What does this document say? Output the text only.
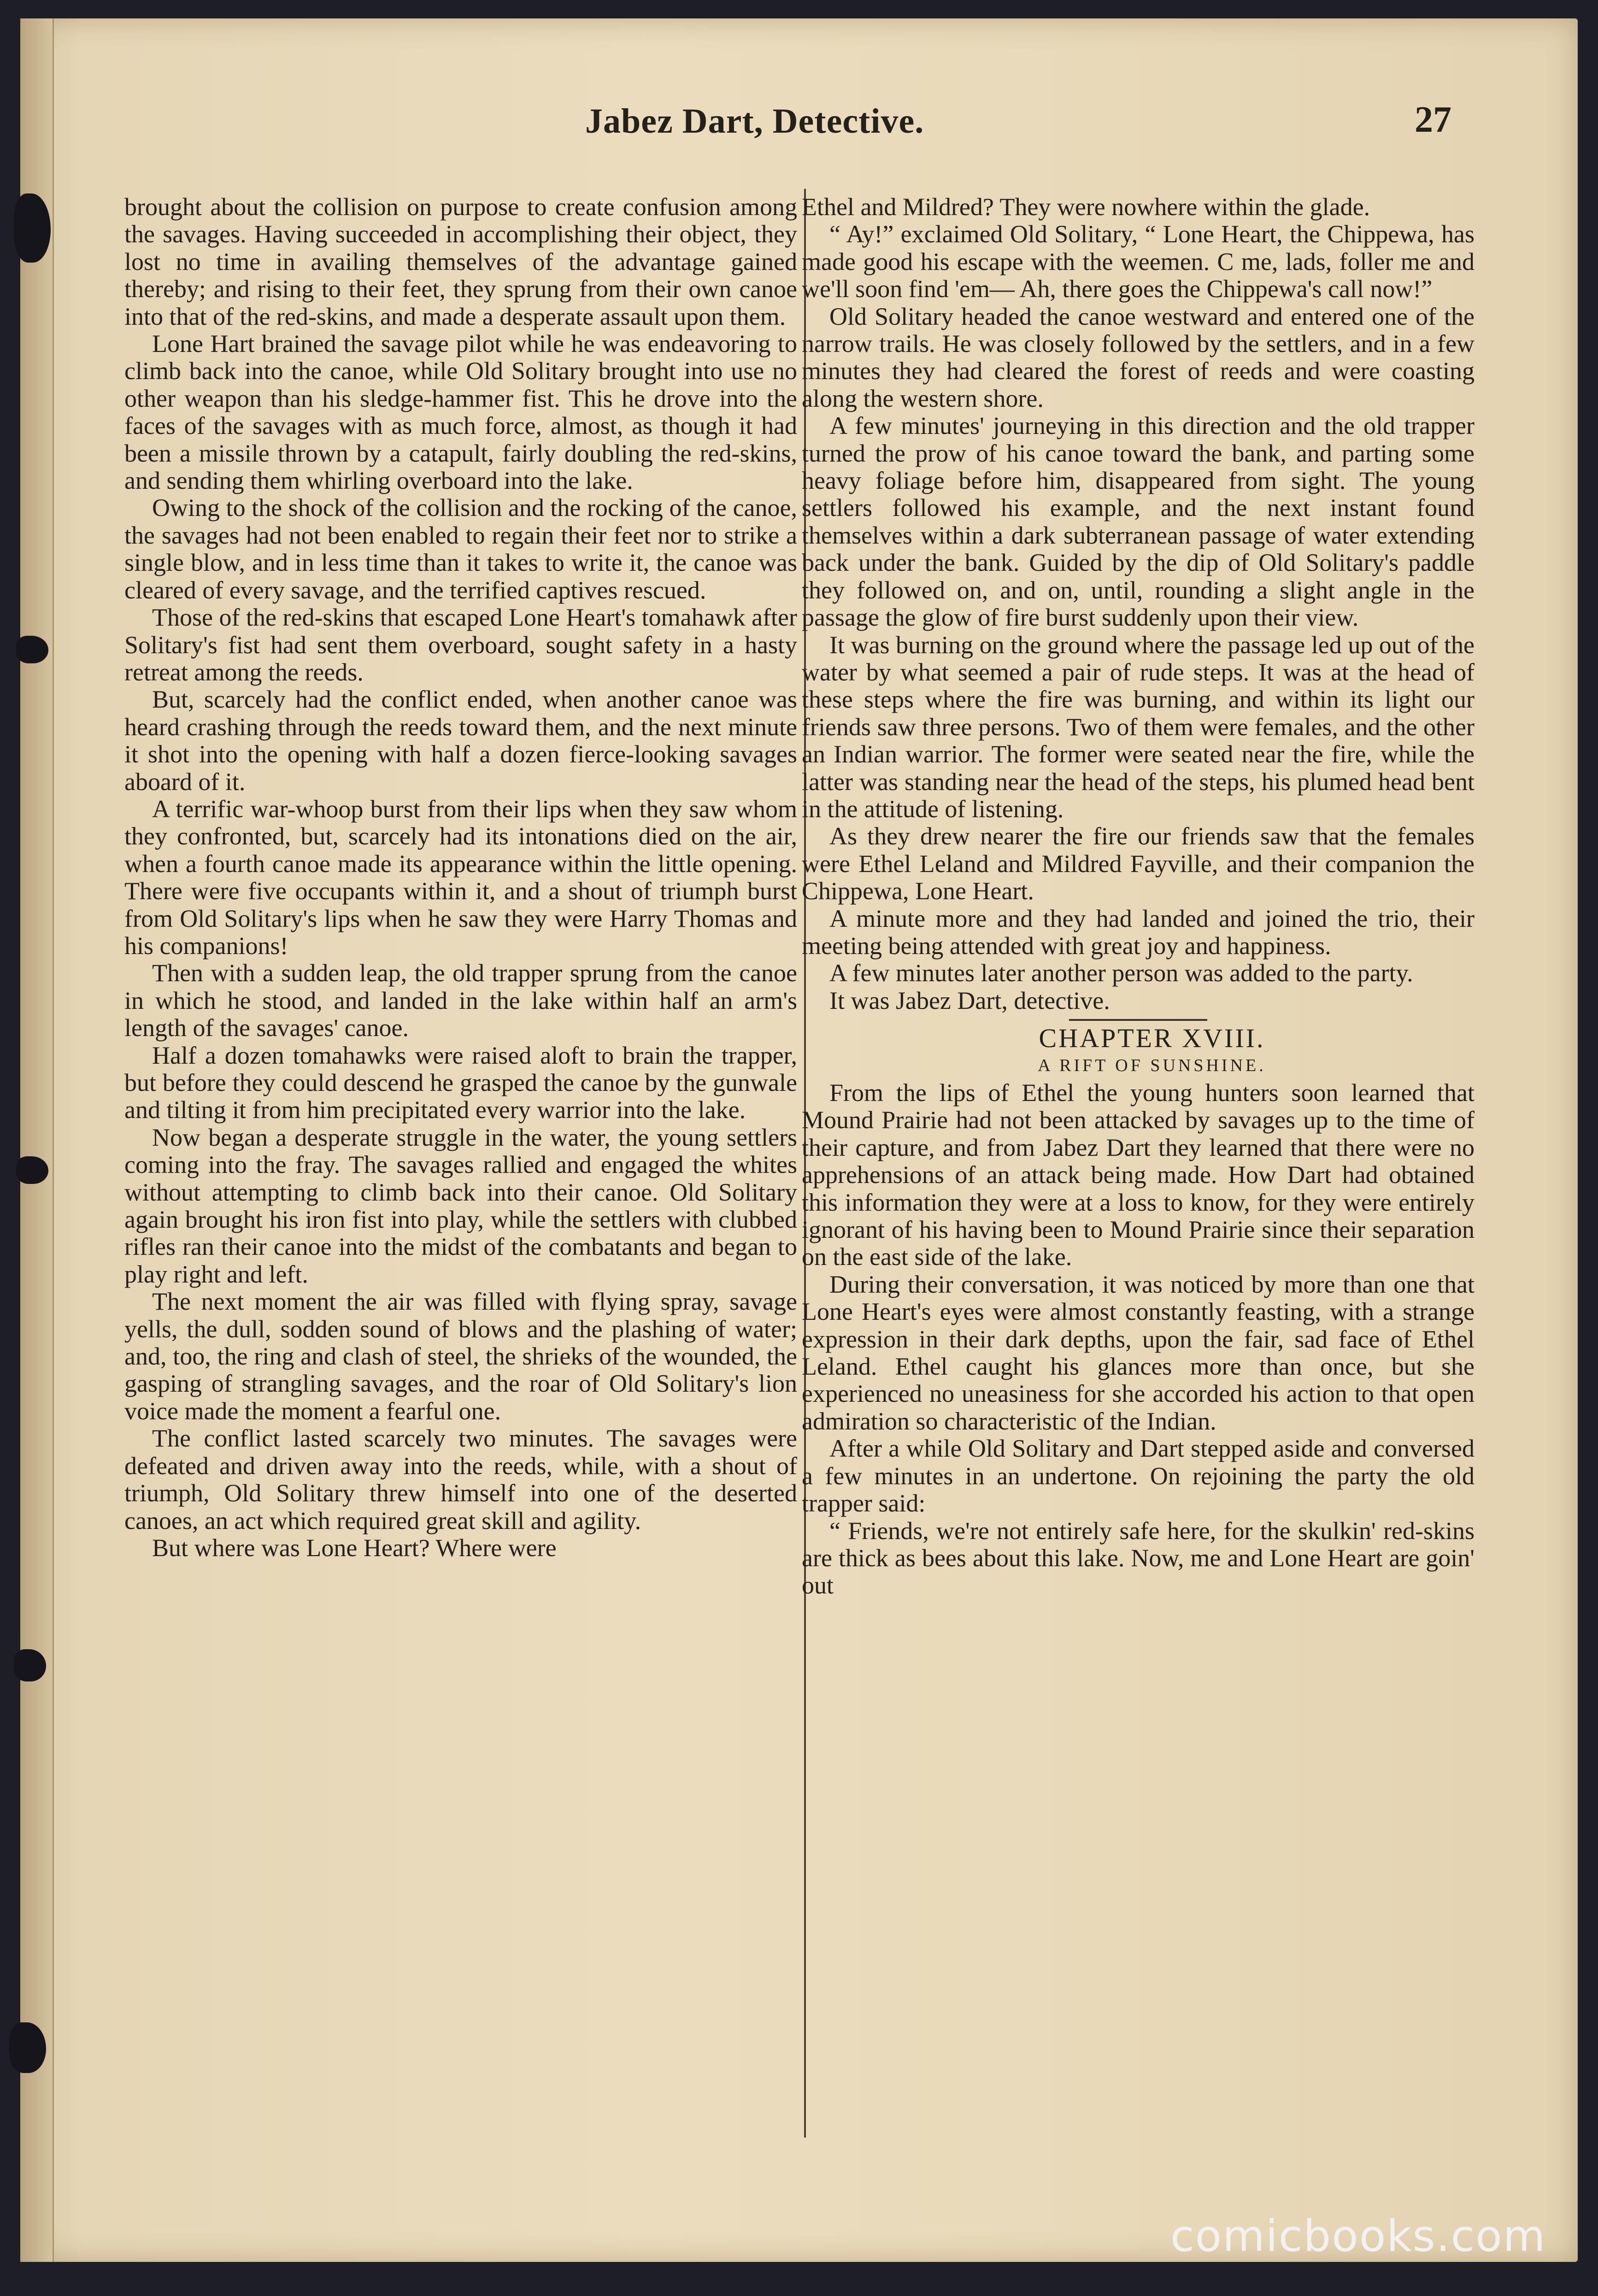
Jabez Dart, Detective.	27

brought about the collision on purpose to create confusion among the savages. Having succeeded in accomplishing their object, they lost no time in availing themselves of the advantage gained thereby; and rising to their feet, they sprung from their own canoe into that of the red-skins, and made a desperate assault upon them.

Lone Hart brained the savage pilot while he was endeavoring to climb back into the canoe, while Old Solitary brought into use no other weapon than his sledge-hammer fist. This he drove into the faces of the savages with as much force, almost, as though it had been a missile thrown by a catapult, fairly doubling the red-skins, and sending them whirling overboard into the lake.

Owing to the shock of the collision and the rocking of the canoe, the savages had not been enabled to regain their feet nor to strike a single blow, and in less time than it takes to write it, the canoe was cleared of every savage, and the terrified captives rescued.

Those of the red-skins that escaped Lone Heart's tomahawk after Solitary's fist had sent them overboard, sought safety in a hasty retreat among the reeds.

But, scarcely had the conflict ended, when another canoe was heard crashing through the reeds toward them, and the next minute it shot into the opening with half a dozen fierce-looking savages aboard of it.

A terrific war-whoop burst from their lips when they saw whom they confronted, but, scarcely had its intonations died on the air, when a fourth canoe made its appearance within the little opening. There were five occupants within it, and a shout of triumph burst from Old Solitary's lips when he saw they were Harry Thomas and his companions!

Then with a sudden leap, the old trapper sprung from the canoe in which he stood, and landed in the lake within half an arm's length of the savages' canoe.

Half a dozen tomahawks were raised aloft to brain the trapper, but before they could descend he grasped the canoe by the gunwale and tilting it from him precipitated every warrior into the lake.

Now began a desperate struggle in the water, the young settlers coming into the fray. The savages rallied and engaged the whites without attempting to climb back into their canoe. Old Solitary again brought his iron fist into play, while the settlers with clubbed rifles ran their canoe into the midst of the combatants and began to play right and left.

The next moment the air was filled with flying spray, savage yells, the dull, sodden sound of blows and the plashing of water; and, too, the ring and clash of steel, the shrieks of the wounded, the gasping of strangling savages, and the roar of Old Solitary's lion voice made the moment a fearful one.

The conflict lasted scarcely two minutes. The savages were defeated and driven away into the reeds, while, with a shout of triumph, Old Solitary threw himself into one of the deserted canoes, an act which required great skill and agility.

But where was Lone Heart? Where were

Ethel and Mildred? They were nowhere within the glade.

“ Ay!” exclaimed Old Solitary, “ Lone Heart, the Chippewa, has made good his escape with the weemen. C me, lads, foller me and we'll soon find 'em— Ah, there goes the Chippewa's call now!”

Old Solitary headed the canoe westward and entered one of the narrow trails. He was closely followed by the settlers, and in a few minutes they had cleared the forest of reeds and were coasting along the western shore.

A few minutes' journeying in this direction and the old trapper turned the prow of his canoe toward the bank, and parting some heavy foliage before him, disappeared from sight. The young settlers followed his example, and the next instant found themselves within a dark subterranean passage of water extending back under the bank. Guided by the dip of Old Solitary's paddle they followed on, and on, until, rounding a slight angle in the passage the glow of fire burst suddenly upon their view.

It was burning on the ground where the passage led up out of the water by what seemed a pair of rude steps. It was at the head of these steps where the fire was burning, and within its light our friends saw three persons. Two of them were females, and the other an Indian warrior. The former were seated near the fire, while the latter was standing near the head of the steps, his plumed head bent in the attitude of listening.

As they drew nearer the fire our friends saw that the females were Ethel Leland and Mildred Fayville, and their companion the Chippewa, Lone Heart.

A minute more and they had landed and joined the trio, their meeting being attended with great joy and happiness.

A few minutes later another person was added to the party.

It was Jabez Dart, detective.

CHAPTER XVIII.

A RIFT OF SUNSHINE.

From the lips of Ethel the young hunters soon learned that Mound Prairie had not been attacked by savages up to the time of their capture, and from Jabez Dart they learned that there were no apprehensions of an attack being made. How Dart had obtained this information they were at a loss to know, for they were entirely ignorant of his having been to Mound Prairie since their separation on the east side of the lake.

During their conversation, it was noticed by more than one that Lone Heart's eyes were almost constantly feasting, with a strange expression in their dark depths, upon the fair, sad face of Ethel Leland. Ethel caught his glances more than once, but she experienced no uneasiness for she accorded his action to that open admiration so characteristic of the Indian.

After a while Old Solitary and Dart stepped aside and conversed a few minutes in an undertone. On rejoining the party the old trapper said:

“ Friends, we're not entirely safe here, for the skulkin' red-skins are thick as bees about this lake. Now, me and Lone Heart are goin' out

comicbooks.com
